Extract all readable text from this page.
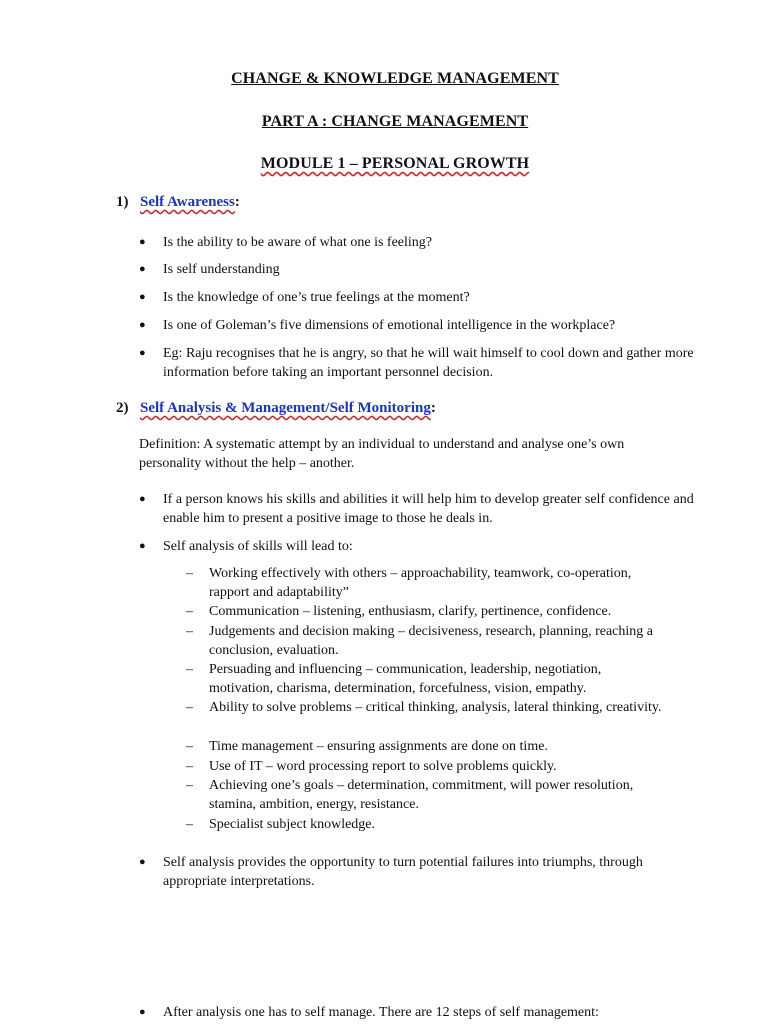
CHANGE & KNOWLEDGE MANAGEMENT
PART A : CHANGE MANAGEMENT
MODULE 1 – PERSONAL GROWTH
1) Self Awareness:
●	Is the ability to be aware of what one is feeling?
●	Is self understanding
●	Is the knowledge of one’s true feelings at the moment?
●	Is one of Goleman’s five dimensions of emotional intelligence in the workplace?
●	Eg: Raju recognises that he is angry, so that he will wait himself to cool down and gather more information before taking an important personnel decision.
2) Self Analysis & Management/Self Monitoring:
Definition: A systematic attempt by an individual to understand and analyse one’s own personality without the help – another.
●	If a person knows his skills and abilities it will help him to develop greater self confidence and enable him to present a positive image to those he deals in.
●	Self analysis of skills will lead to:
– Working effectively with others – approachability, teamwork, co-operation, rapport and adaptability”
– Communication – listening, enthusiasm, clarify, pertinence, confidence.
– Judgements and decision making – decisiveness, research, planning, reaching a conclusion, evaluation.
– Persuading and influencing – communication, leadership, negotiation, motivation, charisma, determination, forcefulness, vision, empathy.
– Ability to solve problems – critical thinking, analysis, lateral thinking, creativity.
– Time management – ensuring assignments are done on time.
– Use of IT – word processing report to solve problems quickly.
– Achieving one’s goals – determination, commitment, will power resolution, stamina, ambition, energy, resistance.
– Specialist subject knowledge.
●	Self analysis provides the opportunity to turn potential failures into triumphs, through appropriate interpretations.
●	After analysis one has to self manage. There are 12 steps of self management:
